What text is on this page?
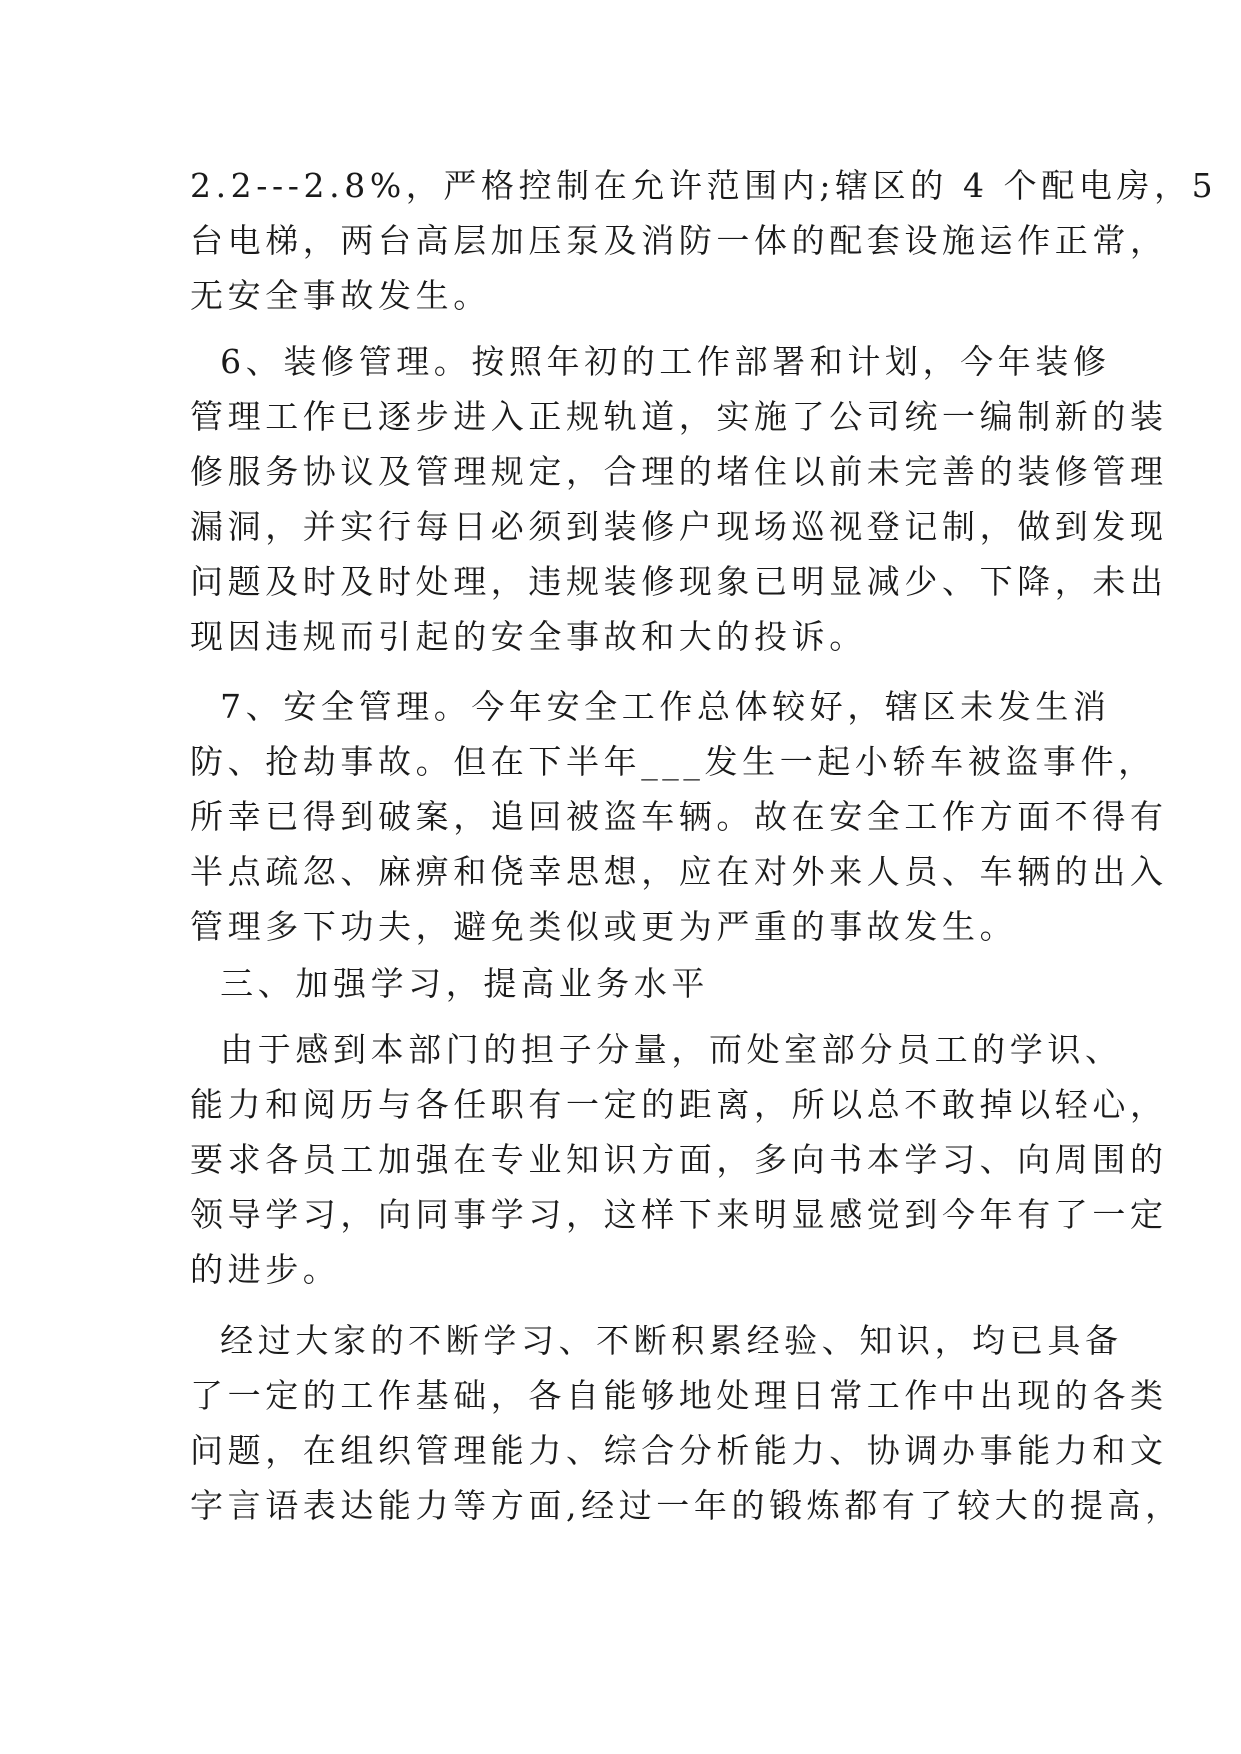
2.2---2.8%，严格控制在允许范围内;辖区的 4 个配电房，5
台电梯，两台高层加压泵及消防一体的配套设施运作正常，
无安全事故发生。
6、装修管理。按照年初的工作部署和计划，今年装修
管理工作已逐步进入正规轨道，实施了公司统一编制新的装
修服务协议及管理规定，合理的堵住以前未完善的装修管理
漏洞，并实行每日必须到装修户现场巡视登记制，做到发现
问题及时及时处理，违规装修现象已明显减少、下降，未出
现因违规而引起的安全事故和大的投诉。
7、安全管理。今年安全工作总体较好，辖区未发生消
防、抢劫事故。但在下半年___发生一起小轿车被盗事件，
所幸已得到破案，追回被盗车辆。故在安全工作方面不得有
半点疏忽、麻痹和侥幸思想，应在对外来人员、车辆的出入
管理多下功夫，避免类似或更为严重的事故发生。
三、加强学习，提高业务水平
由于感到本部门的担子分量，而处室部分员工的学识、
能力和阅历与各任职有一定的距离，所以总不敢掉以轻心，
要求各员工加强在专业知识方面，多向书本学习、向周围的
领导学习，向同事学习，这样下来明显感觉到今年有了一定
的进步。
经过大家的不断学习、不断积累经验、知识，均已具备
了一定的工作基础，各自能够地处理日常工作中出现的各类
问题，在组织管理能力、综合分析能力、协调办事能力和文
字言语表达能力等方面,经过一年的锻炼都有了较大的提高，
